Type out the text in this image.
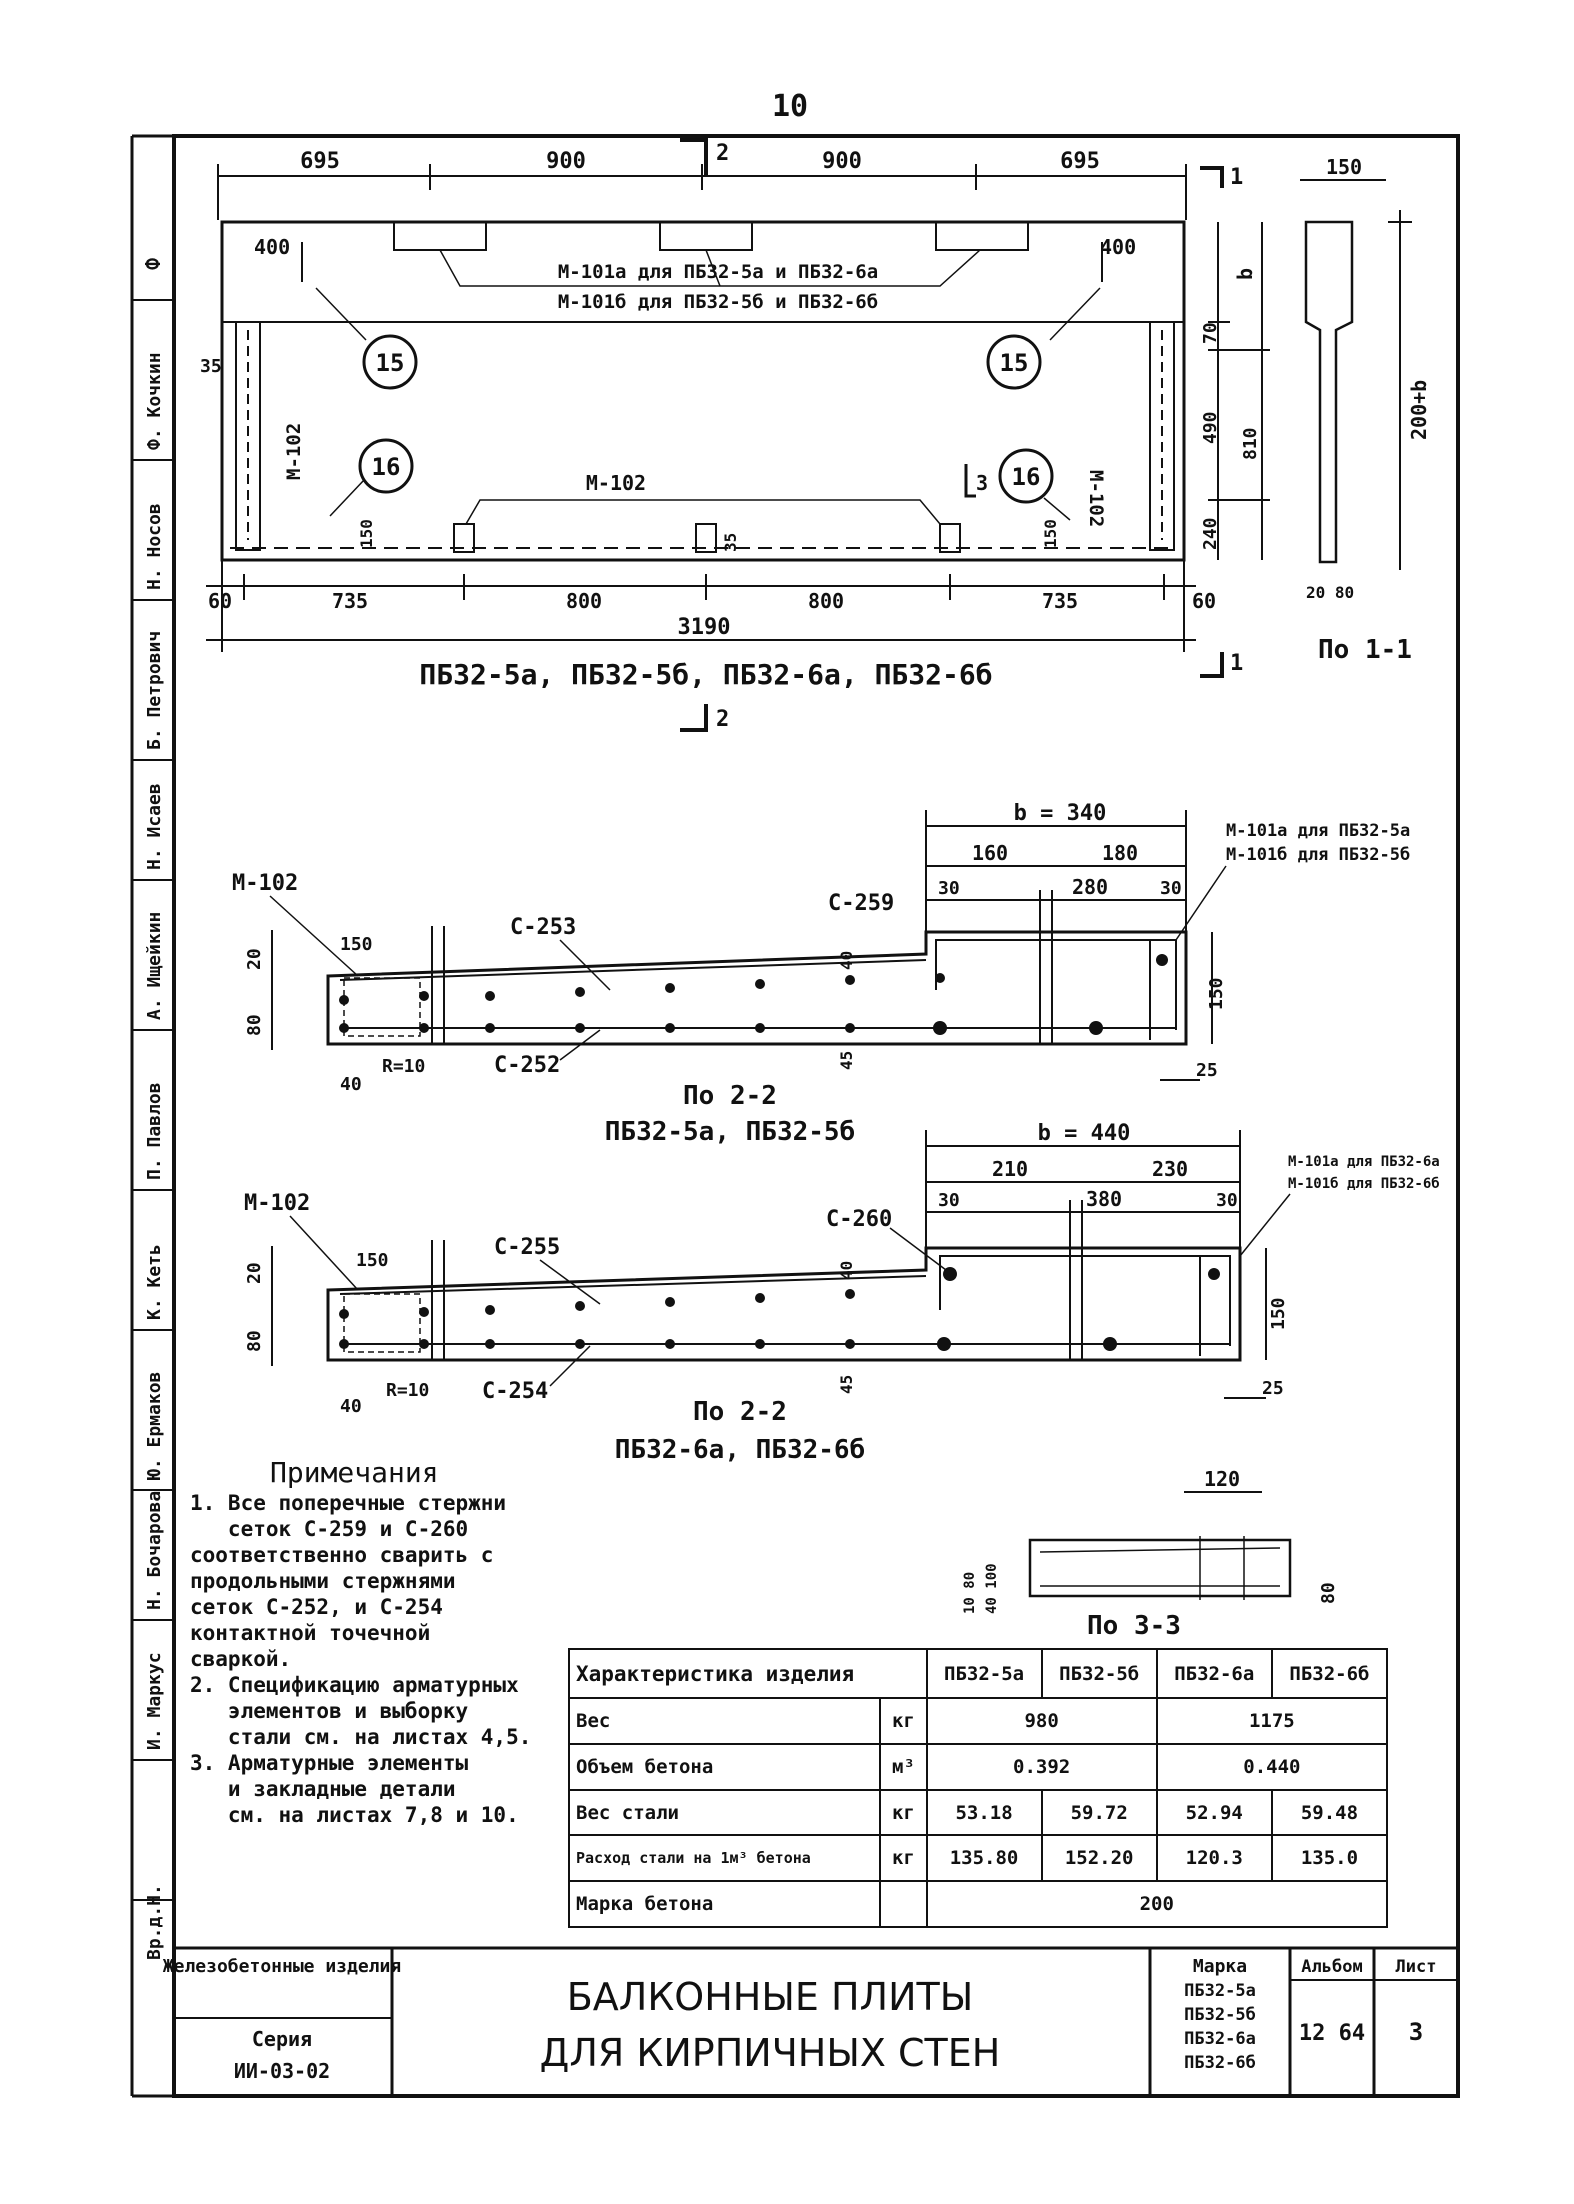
10
Ф
Ф. Кочкин
Н. Носов
Б. Петрович
Н. Исаев
А. Ищейкин
П. Павлов
К. Кеть
Ю. Ермаков
Н. Бочарова
И. Маркус
Вр.д.Н.
695	900	900	695
2
1
М-101а для ПБ32-5а и ПБ32-6а
М-101б для ПБ32-5б и ПБ32-6б
М-102
М-102
М-102
400	400
15	15
16	16
3
35
150	35	150
b
70
490 810
240
60	735	800	800	735	60
3190
ПБ32-5а, ПБ32-5б, ПБ32-6а, ПБ32-6б	1
2
150
200+b
20 80
По 1-1
b = 340
160	180
30	280	30
М-102
С-253
С-259
С-252
М-101а для ПБ32-5а
М-101б для ПБ32-5б
150
80
20
150
40
R=10	45
40
25
По 2-2
ПБ32-5а, ПБ32-5б	b = 440
210	230
30	380	30
М-102
С-255
С-260
С-254
М-101а для ПБ32-6а
М-101б для ПБ32-6б
150
80
20
150
40
R=10	45
40
25
По 2-2
ПБ32-6а, ПБ32-6б
120
80
10 80 40 100
По 3-3
Железобетонные изделия
Серия
ИИ-03-02
БАЛКОННЫЕ ПЛИТЫ
ДЛЯ КИРПИЧНЫХ СТЕН
Марка
ПБ32-5а
ПБ32-5б
ПБ32-6а
ПБ32-6б
Альбом
12 64
Лист
3
Примечания
1. Все поперечные стержни
сеток С-259 и С-260
соответственно сварить с
продольными стержнями
сеток С-252, и С-254
контактной точечной
сваркой.
2. Спецификацию арматурных
элементов и выборку
стали см. на листах 4,5.
3. Арматурные элементы
и закладные детали
см. на листах 7,8 и 10.
Характеристика изделия		ПБ32-5а	ПБ32-5б	ПБ32-6а	ПБ32-6б
Вес	кг	980		1175	
Объем бетона	м³	0.392		0.440	
Вес стали	кг	53.18	59.72	52.94	59.48
Расход стали на 1м³ бетона	кг	135.80	152.20	120.3	135.0
Марка бетона		200			
